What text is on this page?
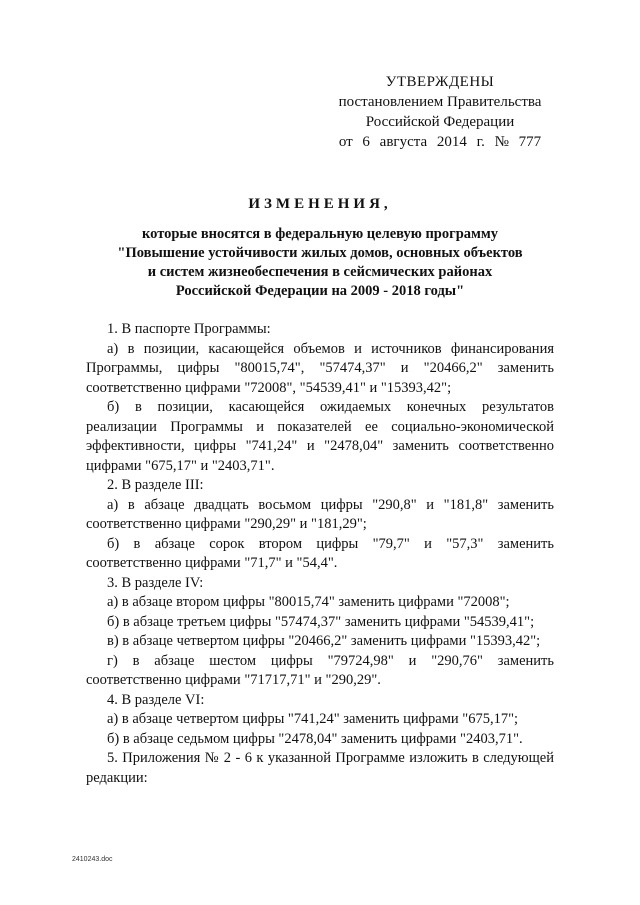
УТВЕРЖДЕНЫ
постановлением Правительства
Российской Федерации
от 6 августа 2014 г. № 777
ИЗМЕНЕНИЯ,
которые вносятся в федеральную целевую программу
"Повышение устойчивости жилых домов, основных объектов
и систем жизнеобеспечения в сейсмических районах
Российской Федерации на 2009 - 2018 годы"

1. В паспорте Программы:

а) в позиции, касающейся объемов и источников финансирования Программы, цифры "80015,74", "57474,37" и "20466,2" заменить соответственно цифрами "72008", "54539,41" и "15393,42";

б) в позиции, касающейся ожидаемых конечных результатов реализации Программы и показателей ее социально-экономической эффективности, цифры "741,24" и "2478,04" заменить соответственно цифрами "675,17" и "2403,71".

2. В разделе III:

а) в абзаце двадцать восьмом цифры "290,8" и "181,8" заменить соответственно цифрами "290,29" и "181,29";

б) в абзаце сорок втором цифры "79,7" и "57,3" заменить соответственно цифрами "71,7" и "54,4".

3. В разделе IV:

а) в абзаце втором цифры "80015,74" заменить цифрами "72008";

б) в абзаце третьем цифры "57474,37" заменить цифрами "54539,41";

в) в абзаце четвертом цифры "20466,2" заменить цифрами "15393,42";

г) в абзаце шестом цифры "79724,98" и "290,76" заменить соответственно цифрами "71717,71" и "290,29".

4. В разделе VI:

а) в абзаце четвертом цифры "741,24" заменить цифрами "675,17";

б) в абзаце седьмом цифры "2478,04" заменить цифрами "2403,71".

5. Приложения № 2 - 6 к указанной Программе изложить в следующей редакции:

2410243.doc
